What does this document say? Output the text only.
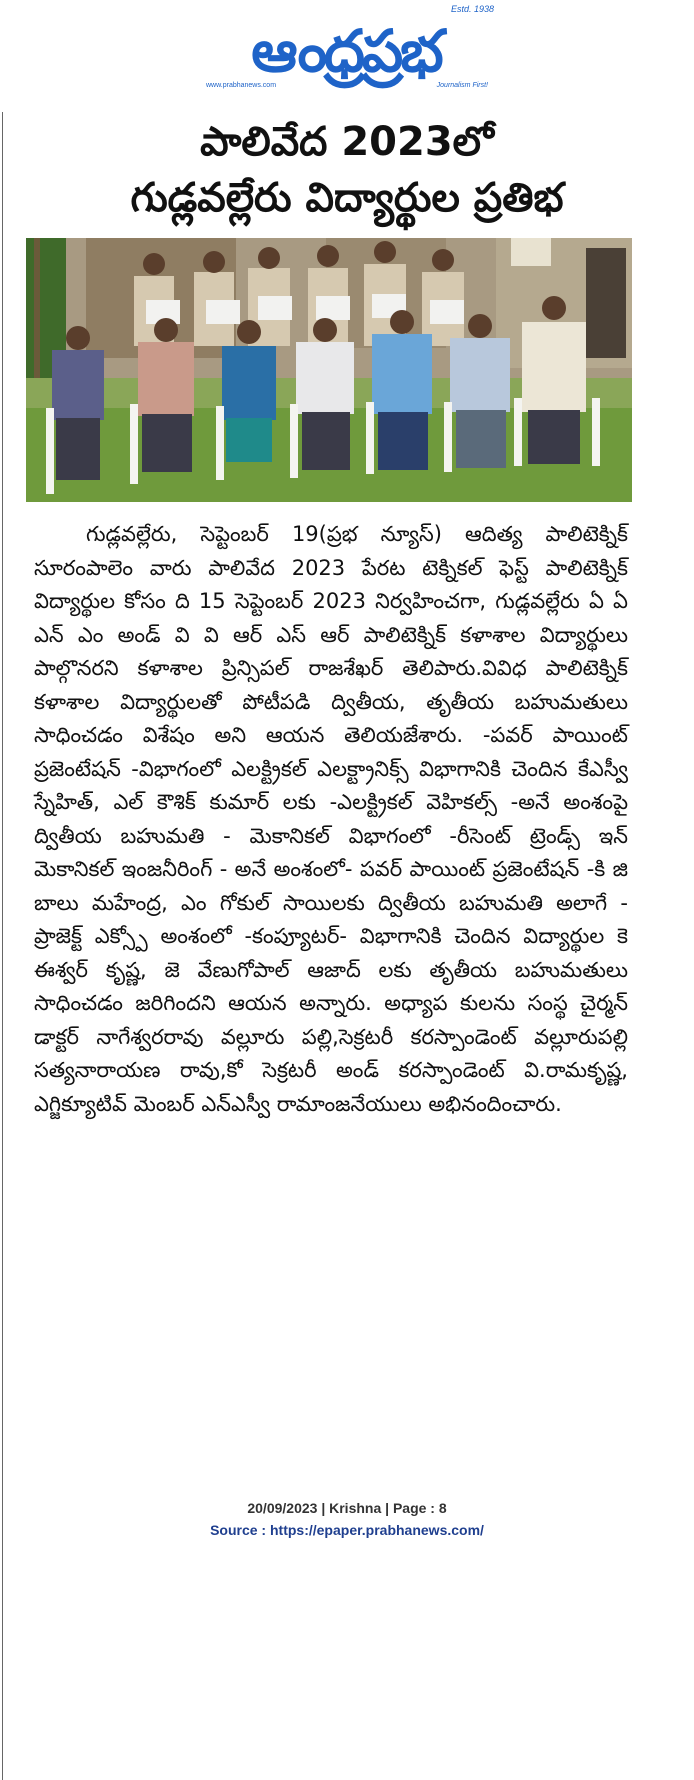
ఆంధ్రప్రభ
Estd. 1938
www.prabhanews.com	Journalism First!
పాలివేద 2023లో
గుడ్లవల్లేరు విద్యార్థుల ప్రతిభ

గుడ్లవల్లేరు, సెప్టెంబర్ 19(ప్రభ న్యూస్) ఆదిత్య పాలిటెక్నిక్ సూరంపాలెం వారు పాలివేద 2023 పేరట టెక్నికల్ ఫెస్ట్ పాలిటెక్నిక్ విద్యార్థుల కోసం ది 15 సెప్టెంబర్ 2023 నిర్వహించగా, గుడ్లవల్లేరు ఏ ఏ ఎన్ ఎం అండ్ వి వి ఆర్ ఎస్ ఆర్ పాలిటెక్నిక్ కళాశాల విద్యార్థులు పాల్గొనరని కళాశాల ప్రిన్సిపల్ రాజశేఖర్ తెలిపారు.వివిధ పాలిటెక్నిక్ కళాశాల విద్యార్థులతో పోటీపడి ద్వితీయ, తృతీయ బహుమతులు సాధించడం విశేషం అని ఆయన తెలియజేశారు. -పవర్ పాయింట్ ప్రజెంటేషన్ -విభాగంలో ఎలక్ట్రికల్ ఎలక్ట్రానిక్స్ విభాగానికి చెందిన కేఎస్వీ స్నేహిత్, ఎల్ కౌశిక్ కుమార్ లకు -ఎలక్ట్రికల్ వెహికల్స్ -అనే అంశంపై ద్వితీయ బహుమతి - మెకానికల్ విభాగంలో -రీసెంట్ ట్రెండ్స్ ఇన్ మెకానికల్ ఇంజనీరింగ్ - అనే అంశంలో- పవర్ పాయింట్ ప్రజెంటేషన్ -కి జి బాలు మహేంద్ర, ఎం గోకుల్ సాయిలకు ద్వితీయ బహుమతి అలాగే - ప్రాజెక్ట్ ఎక్స్పో అంశంలో -కంప్యూటర్- విభాగానికి చెందిన విద్యార్థుల కె ఈశ్వర్ కృష్ణ, జె వేణుగోపాల్ ఆజాద్ లకు తృతీయ బహుమతులు సాధించడం జరిగిందని ఆయన అన్నారు. అధ్యాప కులను సంస్థ చైర్మన్ డాక్టర్ నాగేశ్వరరావు వల్లూరు పల్లి,సెక్రటరీ కరస్పాండెంట్ వల్లూరుపల్లి సత్యనారాయణ రావు,కో సెక్రటరీ అండ్ కరస్పాండెంట్ వి.రామకృష్ణ, ఎగ్జిక్యూటివ్ మెంబర్ ఎన్ఎస్వీ రామాంజనేయులు అభినందించారు.

20/09/2023 | Krishna | Page : 8
Source : https://epaper.prabhanews.com/
